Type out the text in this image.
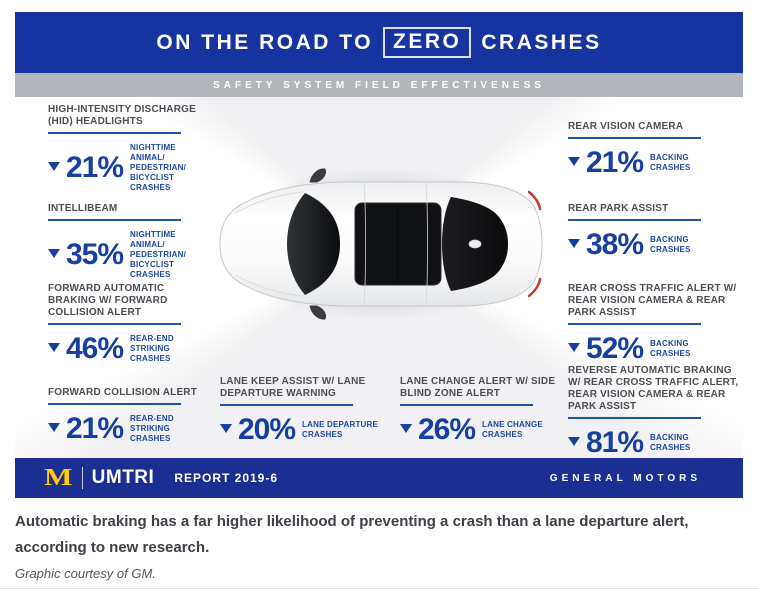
ON THE ROAD TO ZERO CRASHES
SAFETY SYSTEM FIELD EFFECTIVENESS
HIGH-INTENSITY DISCHARGE (HID) HEADLIGHTS
21%
NIGHTTIME ANIMAL/
PEDESTRIAN/
BICYCLIST CRASHES
INTELLIBEAM
35%
NIGHTTIME ANIMAL/
PEDESTRIAN/
BICYCLIST CRASHES
FORWARD AUTOMATIC BRAKING W/ FORWARD COLLISION ALERT
46% REAR-END
STRIKING CRASHES
FORWARD COLLISION ALERT
21% REAR-END
STRIKING CRASHES
LANE KEEP ASSIST W/ LANE DEPARTURE WARNING
20% LANE DEPARTURE
CRASHES
LANE CHANGE ALERT W/ SIDE BLIND ZONE ALERT
26% LANE CHANGE
CRASHES
REAR VISION CAMERA
21% BACKING
CRASHES
REAR PARK ASSIST
38% BACKING
CRASHES
REAR CROSS TRAFFIC ALERT W/ REAR VISION CAMERA & REAR PARK ASSIST
52% BACKING
CRASHES
REVERSE AUTOMATIC BRAKING W/ REAR CROSS TRAFFIC ALERT, REAR VISION CAMERA & REAR PARK ASSIST
81% BACKING
CRASHES
M UMTRI REPORT 2019-6	GENERAL MOTORS
Automatic braking has a far higher likelihood of preventing a crash than a lane departure alert, according to new research.
Graphic courtesy of GM.
